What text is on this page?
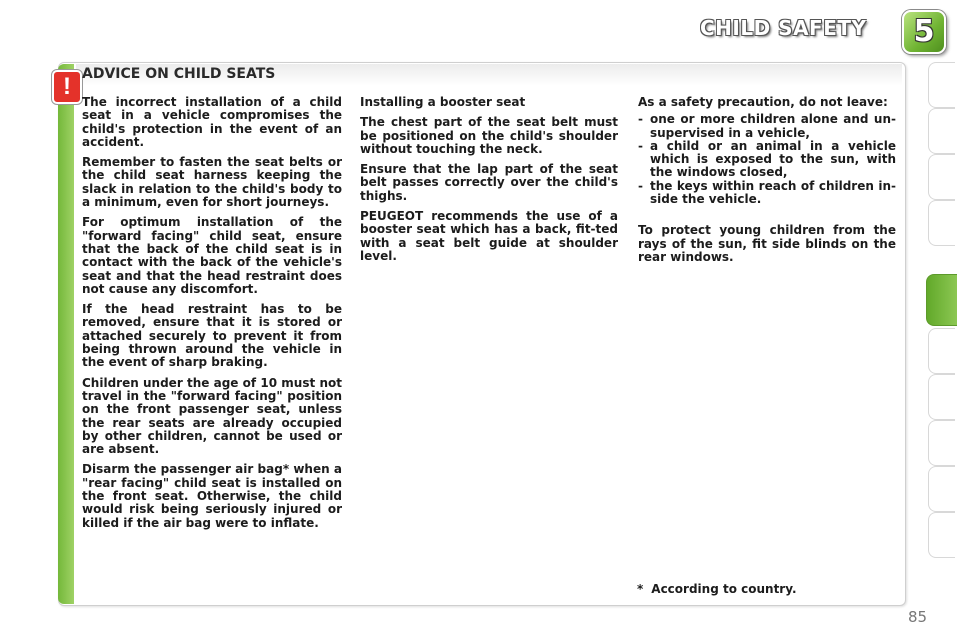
CHILD SAFETY	5
! ADVICE ON CHILD SEATS

The incorrect installation of a child seat in a vehicle compromises the child's protection in the event of an accident.

Remember to fasten the seat belts or the child seat harness keeping the slack in relation to the child's body to a minimum, even for short journeys.

For optimum installation of the "forward facing" child seat, ensure that the back of the child seat is in contact with the back of the vehicle's seat and that the head restraint does not cause any discomfort.

If the head restraint has to be removed, ensure that it is stored or attached securely to prevent it from being thrown around the vehicle in the event of sharp braking.

Children under the age of 10 must not travel in the "forward facing" position on the front passenger seat, unless the rear seats are already occupied by other children, cannot be used or are absent.

Disarm the passenger air bag* when a "rear facing" child seat is installed on the front seat. Otherwise, the child would risk being seriously injured or killed if the air bag were to inflate.

Installing a booster seat

The chest part of the seat belt must be positioned on the child's shoulder without touching the neck.

Ensure that the lap part of the seat belt passes correctly over the child's thighs.

PEUGEOT recommends the use of a booster seat which has a back, fit-ted with a seat belt guide at shoulder level.

As a safety precaution, do not leave:

- one or more children alone and un-supervised in a vehicle,
- a child or an animal in a vehicle which is exposed to the sun, with the windows closed,
- the keys within reach of children in-side the vehicle.

To protect young children from the rays of the sun, fit side blinds on the rear windows.

* According to country.
85
